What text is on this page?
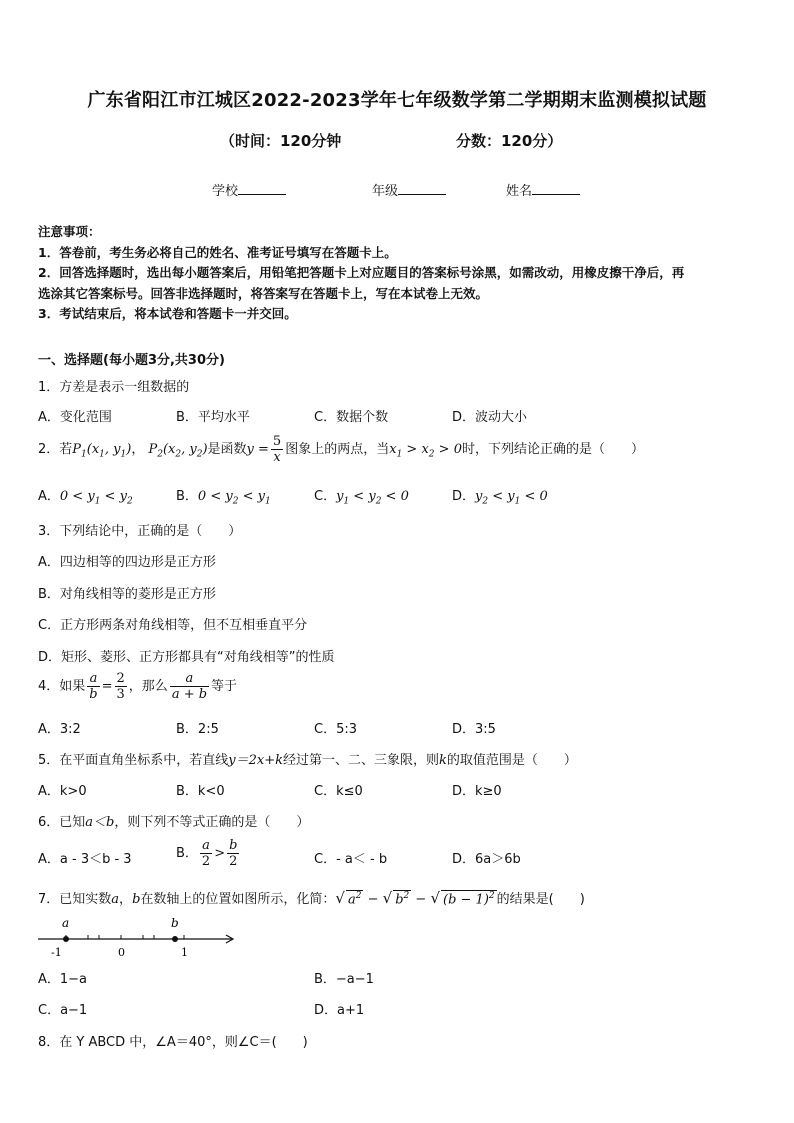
广东省阳江市江城区2022-2023学年七年级数学第二学期期末监测模拟试题
（时间：120分钟	分数：120分）
学校	年级	姓名
注意事项：
1．答卷前，考生务必将自己的姓名、准考证号填写在答题卡上。
2．回答选择题时，选出每小题答案后，用铅笔把答题卡上对应题目的答案标号涂黑，如需改动，用橡皮擦干净后，再
选涂其它答案标号。回答非选择题时，将答案写在答题卡上，写在本试卷上无效。
3．考试结束后，将本试卷和答题卡一并交回。
一、选择题(每小题3分,共30分)
1．方差是表示一组数据的
A．变化范围	B．平均水平	C．数据个数	D．波动大小
2．若$P_1(x_1$, $y_1$)， $P_2(x_2$, $y_2$)是函数$y = \frac{5}{x}$ 图象上的两点，当$x_1 > x_2 > 0$时，下列结论正确的是（　　）
A．$0 < y_1 < y_2$	B．$0 < y_2 < y_1$	C．$y_1 < y_2 < 0$	D．$y_2 < y_1 < 0$
3．下列结论中，正确的是（　　）
A．四边相等的四边形是正方形
B．对角线相等的菱形是正方形
C．正方形两条对角线相等，但不互相垂直平分
D．矩形、菱形、正方形都具有“对角线相等”的性质
4．如果 $\frac{a}{b} = \frac{2}{3}$ ，那么 $\frac{a}{a + b}$ 等于
A．3:2	B．2:5	C．5:3	D．3:5
5．在平面直角坐标系中，若直线y＝2x+k经过第一、二、三象限，则k的取值范围是（　　）
A．k>0	B．k<0	C．k≤0	D．k≥0
6．已知a＜b，则下列不等式正确的是（　　）
A．a - 3＜b - 3	B． $\frac{a}{2} > \frac{b}{2}$	C．- a＜ - b	D．6a＞6b
7．已知实数a，b在数轴上的位置如图所示，化简：√ $a^2$ − √ $b^2$ − √ $(b - 1)^2$ 的结果是(　　)
a	b
-1	0	1
A．1−a	B．−a−1
C．a−1	D．a+1
8．在 Y ABCD 中，∠A＝40°，则∠C＝(　　)
